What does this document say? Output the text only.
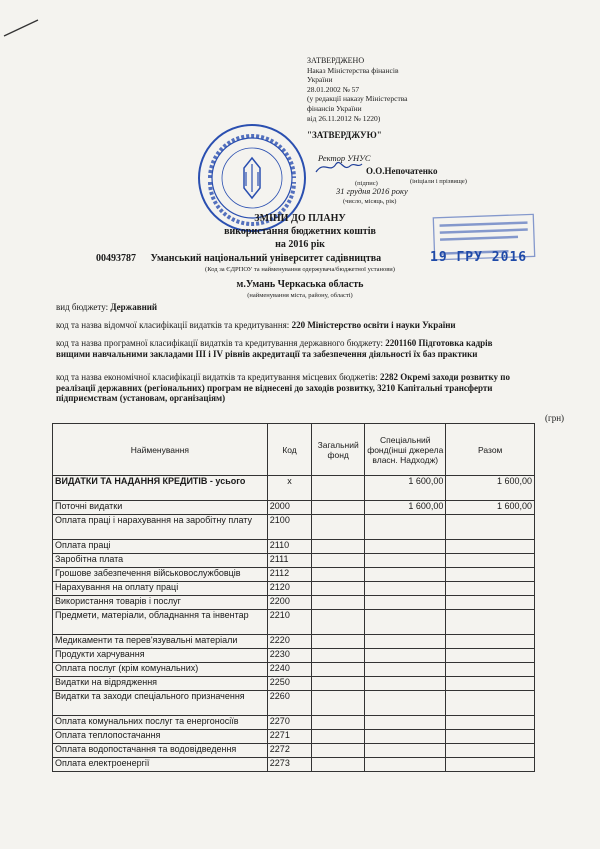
ЗАТВЕРДЖЕНО
Наказ Міністерства фінансів
України
28.01.2002 № 57
(у редакції наказу Міністерства
фінансів України
від 26.11.2012 № 1220)
"ЗАТВЕРДЖУЮ"
Ректор УНУС
О.О.Непочатенко
(підпис)	(ініціали і прізвище)
31 грудня 2016 року
(число, місяць, рік)
19 ГРУ 2016
ЗМІНИ ДО ПЛАНУ
використання бюджетних коштів
на 2016 рік
00493787 Уманський національний університет садівництва
(Код за ЄДРПОУ та найменування одержувача/бюджетної установи)
м.Умань Черкаська область
(найменування міста, району, області)
вид бюджету: Державний
код та назва відомчої класифікації видатків та кредитування: 220 Міністерство освіти і науки України
код та назва програмної класифікації видатків та кредитування державного бюджету: 2201160 Підготовка кадрів вищими навчальними закладами III і IV рівнів акредитації та забезпечення діяльності їх баз практики
код та назва економічної класифікації видатків та кредитування місцевих бюджетів: 2282 Окремі заходи розвитку по реалізації державних (регіональних) програм не віднесені до заходів розвитку, 3210 Капітальні трансферти підприємствам (установам, організаціям)
(грн)
Найменування	Код	Загальний фонд	Спеціальний фонд(інші джерела власн. Надходж)	Разом
ВИДАТКИ ТА НАДАННЯ КРЕДИТІВ - усього	х		1 600,00	1 600,00
Поточні видатки	2000		1 600,00	1 600,00
Оплата праці і нарахування на заробітну плату	2100			
Оплата праці	2110			
Заробітна плата	2111			
Грошове забезпечення військовослужбовців	2112			
Нарахування на оплату праці	2120			
Використання товарів і послуг	2200			
Предмети, матеріали, обладнання та інвентар	2210			
Медикаменти та перев'язувальні матеріали	2220			
Продукти харчування	2230			
Оплата послуг (крім комунальних)	2240			
Видатки на відрядження	2250			
Видатки та заходи спеціального призначення	2260			
Оплата комунальних послуг та енергоносіїв	2270			
Оплата теплопостачання	2271			
Оплата водопостачання та водовідведення	2272			
Оплата електроенергії	2273			
